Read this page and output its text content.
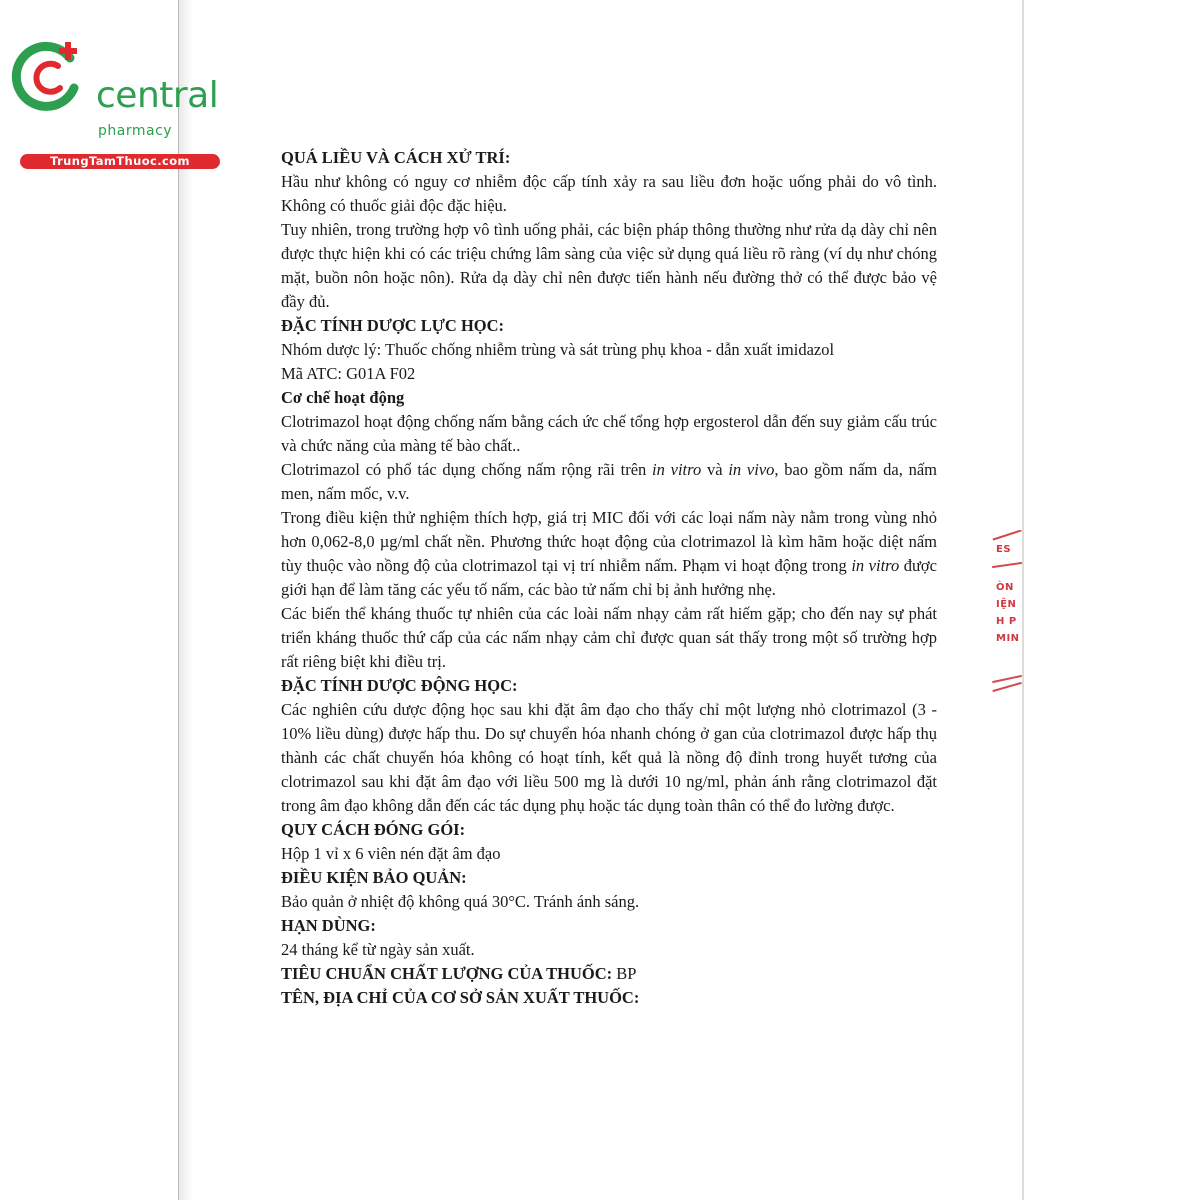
central

pharmacy

TrungTamThuoc.com
ES
ÒN
IỆN
H P
MIN

QUÁ LIỀU VÀ CÁCH XỬ TRÍ:

Hầu như không có nguy cơ nhiễm độc cấp tính xảy ra sau liều đơn hoặc uống phải do vô tình. Không có thuốc giải độc đặc hiệu.

Tuy nhiên, trong trường hợp vô tình uống phải, các biện pháp thông thường như rửa dạ dày chỉ nên được thực hiện khi có các triệu chứng lâm sàng của việc sử dụng quá liều rõ ràng (ví dụ như chóng mặt, buồn nôn hoặc nôn). Rửa dạ dày chỉ nên được tiến hành nếu đường thở có thể được bảo vệ đầy đủ.

ĐẶC TÍNH DƯỢC LỰC HỌC:

Nhóm dược lý: Thuốc chống nhiễm trùng và sát trùng phụ khoa - dẫn xuất imidazol

Mã ATC: G01A F02

Cơ chế hoạt động

Clotrimazol hoạt động chống nấm bằng cách ức chế tổng hợp ergosterol dẫn đến suy giảm cấu trúc và chức năng của màng tế bào chất..

Clotrimazol có phổ tác dụng chống nấm rộng rãi trên in vitro và in vivo, bao gồm nấm da, nấm men, nấm mốc, v.v.

Trong điều kiện thử nghiệm thích hợp, giá trị MIC đối với các loại nấm này nằm trong vùng nhỏ hơn 0,062-8,0 µg/ml chất nền. Phương thức hoạt động của clotrimazol là kìm hãm hoặc diệt nấm tùy thuộc vào nồng độ của clotrimazol tại vị trí nhiễm nấm. Phạm vi hoạt động trong in vitro được giới hạn để làm tăng các yếu tố nấm, các bào tử nấm chỉ bị ảnh hưởng nhẹ.

Các biến thể kháng thuốc tự nhiên của các loài nấm nhạy cảm rất hiếm gặp; cho đến nay sự phát triển kháng thuốc thứ cấp của các nấm nhạy cảm chỉ được quan sát thấy trong một số trường hợp rất riêng biệt khi điều trị.

ĐẶC TÍNH DƯỢC ĐỘNG HỌC:

Các nghiên cứu dược động học sau khi đặt âm đạo cho thấy chỉ một lượng nhỏ clotrimazol (3 - 10% liều dùng) được hấp thu. Do sự chuyển hóa nhanh chóng ở gan của clotrimazol được hấp thụ thành các chất chuyển hóa không có hoạt tính, kết quả là nồng độ đỉnh trong huyết tương của clotrimazol sau khi đặt âm đạo với liều 500 mg là dưới 10 ng/ml, phản ánh rằng clotrimazol đặt trong âm đạo không dẫn đến các tác dụng phụ hoặc tác dụng toàn thân có thể đo lường được.

QUY CÁCH ĐÓNG GÓI:

Hộp 1 vỉ x 6 viên nén đặt âm đạo

ĐIỀU KIỆN BẢO QUẢN:

Bảo quản ở nhiệt độ không quá 30°C. Tránh ánh sáng.

HẠN DÙNG:

24 tháng kể từ ngày sản xuất.

TIÊU CHUẨN CHẤT LƯỢNG CỦA THUỐC: BP

TÊN, ĐỊA CHỈ CỦA CƠ SỞ SẢN XUẤT THUỐC:
